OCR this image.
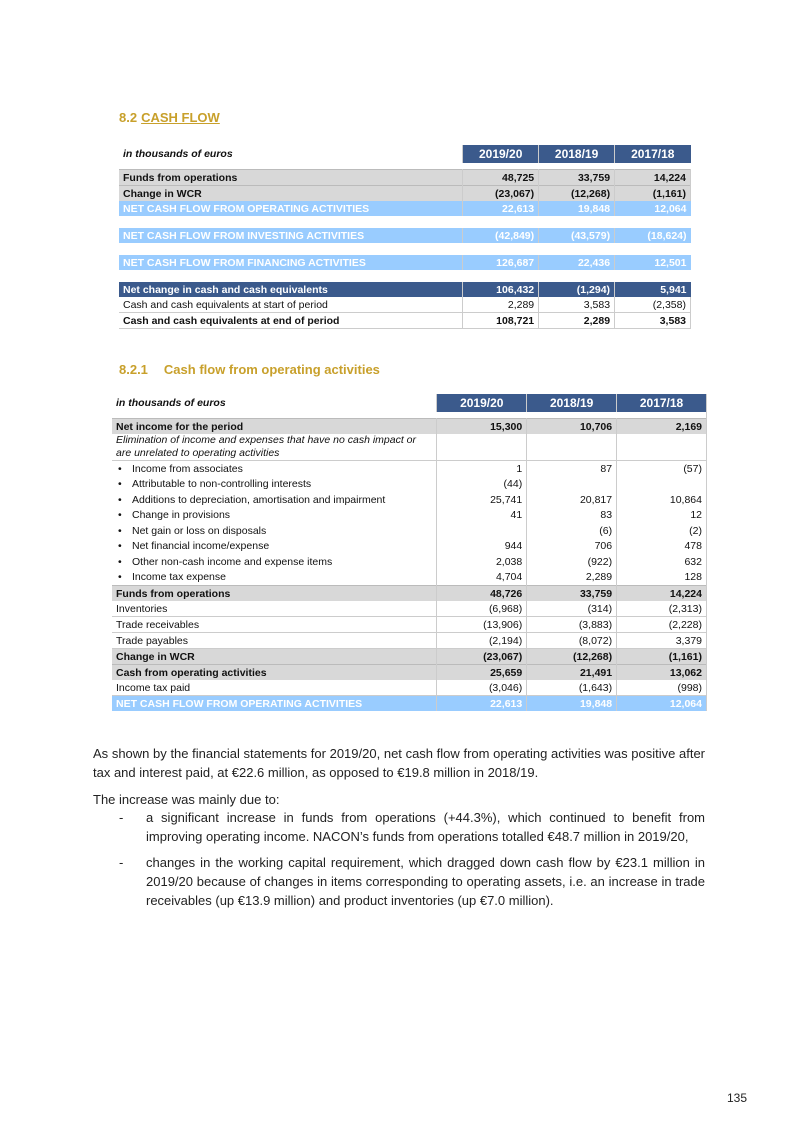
8.2 CASH FLOW
in thousands of euros	2019/20	2018/19	2017/18

Funds from operations	48,725	33,759	14,224
Change in WCR	(23,067)	(12,268)	(1,161)
NET CASH FLOW FROM OPERATING ACTIVITIES	22,613	19,848	12,064

NET CASH FLOW FROM INVESTING ACTIVITIES	(42,849)	(43,579)	(18,624)

NET CASH FLOW FROM FINANCING ACTIVITIES	126,687	22,436	12,501

Net change in cash and cash equivalents	106,432	(1,294)	5,941
Cash and cash equivalents at start of period	2,289	3,583	(2,358)
Cash and cash equivalents at end of period	108,721	2,289	3,583
8.2.1 Cash flow from operating activities
in thousands of euros	2019/20	2018/19	2017/18

Net income for the period	15,300	10,706	2,169
Elimination of income and expenses that have no cash impact or are unrelated to operating activities			
• Income from associates	1	87	(57)
• Attributable to non-controlling interests	(44)		
• Additions to depreciation, amortisation and impairment	25,741	20,817	10,864
• Change in provisions	41	83	12
• Net gain or loss on disposals		(6)	(2)
• Net financial income/expense	944	706	478
• Other non-cash income and expense items	2,038	(922)	632
• Income tax expense	4,704	2,289	128
Funds from operations	48,726	33,759	14,224
Inventories	(6,968)	(314)	(2,313)
Trade receivables	(13,906)	(3,883)	(2,228)
Trade payables	(2,194)	(8,072)	3,379
Change in WCR	(23,067)	(12,268)	(1,161)
Cash from operating activities	25,659	21,491	13,062
Income tax paid	(3,046)	(1,643)	(998)
NET CASH FLOW FROM OPERATING ACTIVITIES	22,613	19,848	12,064

As shown by the financial statements for 2019/20, net cash flow from operating activities was positive after tax and interest paid, at €22.6 million, as opposed to €19.8 million in 2018/19.

The increase was mainly due to:

- a significant increase in funds from operations (+44.3%), which continued to benefit from improving operating income. NACON’s funds from operations totalled €48.7 million in 2019/20,
- changes in the working capital requirement, which dragged down cash flow by €23.1 million in 2019/20 because of changes in items corresponding to operating assets, i.e. an increase in trade receivables (up €13.9 million) and product inventories (up €7.0 million).
135
